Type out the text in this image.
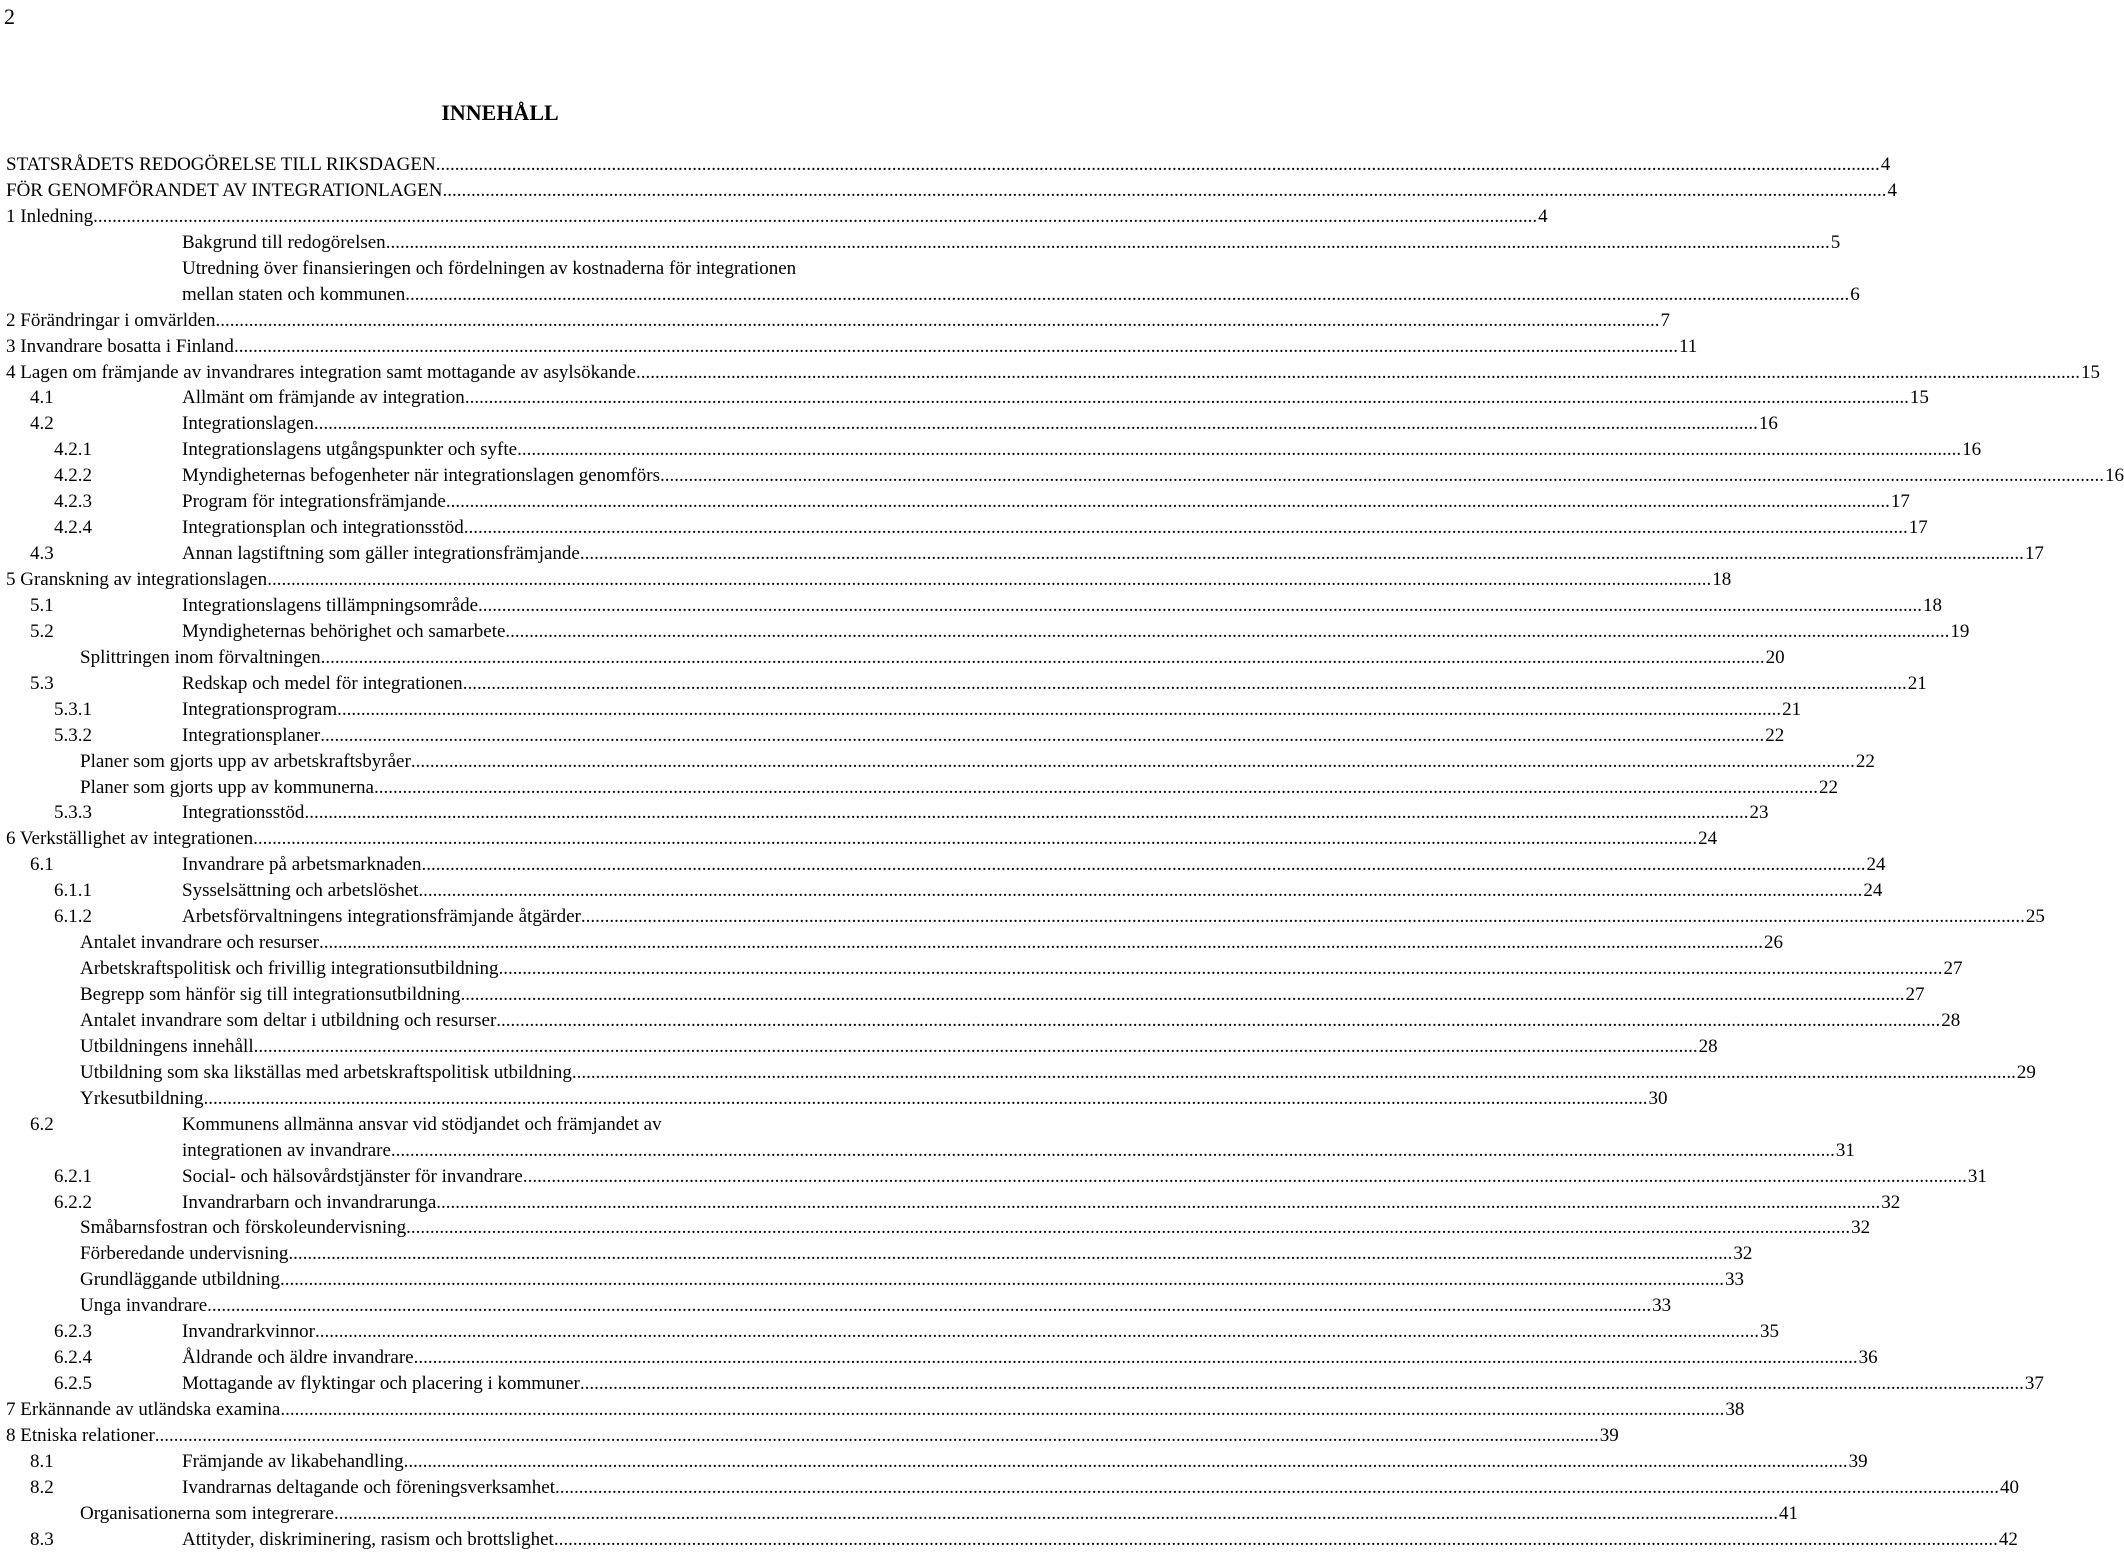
2
INNEHÅLL
STATSRÅDETS REDOGÖRELSE TILL RIKSDAGEN .....	4
FÖR GENOMFÖRANDET AV INTEGRATIONLAGEN .....	4
1 Inledning .....	4
Bakgrund till redogörelsen .....	5
Utredning över finansieringen och fördelningen av kostnaderna för integrationen
mellan staten och kommunen .....	6
2 Förändringar i omvärlden .....	7
3 Invandrare bosatta i Finland .....	11
4 Lagen om främjande av invandrares integration samt mottagande av asylsökande .....	15
4.1	Allmänt om främjande av integration .....	15
4.2	Integrationslagen .....	16
4.2.1	Integrationslagens utgångspunkter och syfte .....	16
4.2.2	Myndigheternas befogenheter när integrationslagen genomförs .....	16
4.2.3	Program för integrationsfrämjande .....	17
4.2.4	Integrationsplan och integrationsstöd .....	17
4.3	Annan lagstiftning som gäller integrationsfrämjande .....	17
5 Granskning av integrationslagen .....	18
5.1	Integrationslagens tillämpningsområde .....	18
5.2	Myndigheternas behörighet och samarbete .....	19
Splittringen inom förvaltningen .....	20
5.3	Redskap och medel för integrationen .....	21
5.3.1	Integrationsprogram .....	21
5.3.2	Integrationsplaner .....	22
Planer som gjorts upp av arbetskraftsbyråer .....	22
Planer som gjorts upp av kommunerna .....	22
5.3.3	Integrationsstöd .....	23
6 Verkställighet av integrationen .....	24
6.1	Invandrare på arbetsmarknaden .....	24
6.1.1	Sysselsättning och arbetslöshet .....	24
6.1.2	Arbetsförvaltningens integrationsfrämjande åtgärder .....	25
Antalet invandrare och resurser .....	26
Arbetskraftspolitisk och frivillig integrationsutbildning .....	27
Begrepp som hänför sig till integrationsutbildning .....	27
Antalet invandrare som deltar i utbildning och resurser .....	28
Utbildningens innehåll .....	28
Utbildning som ska likställas med arbetskraftspolitisk utbildning .....	29
Yrkesutbildning .....	30
6.2	Kommunens allmänna ansvar vid stödjandet och främjandet av
integrationen av invandrare .....	31
6.2.1	Social- och hälsovårdstjänster för invandrare .....	31
6.2.2	Invandrarbarn och invandrarunga .....	32
Småbarnsfostran och förskoleundervisning .....	32
Förberedande undervisning .....	32
Grundläggande utbildning .....	33
Unga invandrare .....	33
6.2.3	Invandrarkvinnor .....	35
6.2.4	Åldrande och äldre invandrare .....	36
6.2.5	Mottagande av flyktingar och placering i kommuner .....	37
7 Erkännande av utländska examina .....	38
8 Etniska relationer .....	39
8.1	Främjande av likabehandling .....	39
8.2	Ivandrarnas deltagande och föreningsverksamhet .....	40
Organisationerna som integrerare .....	41
8.3	Attityder, diskriminering, rasism och brottslighet .....	42
